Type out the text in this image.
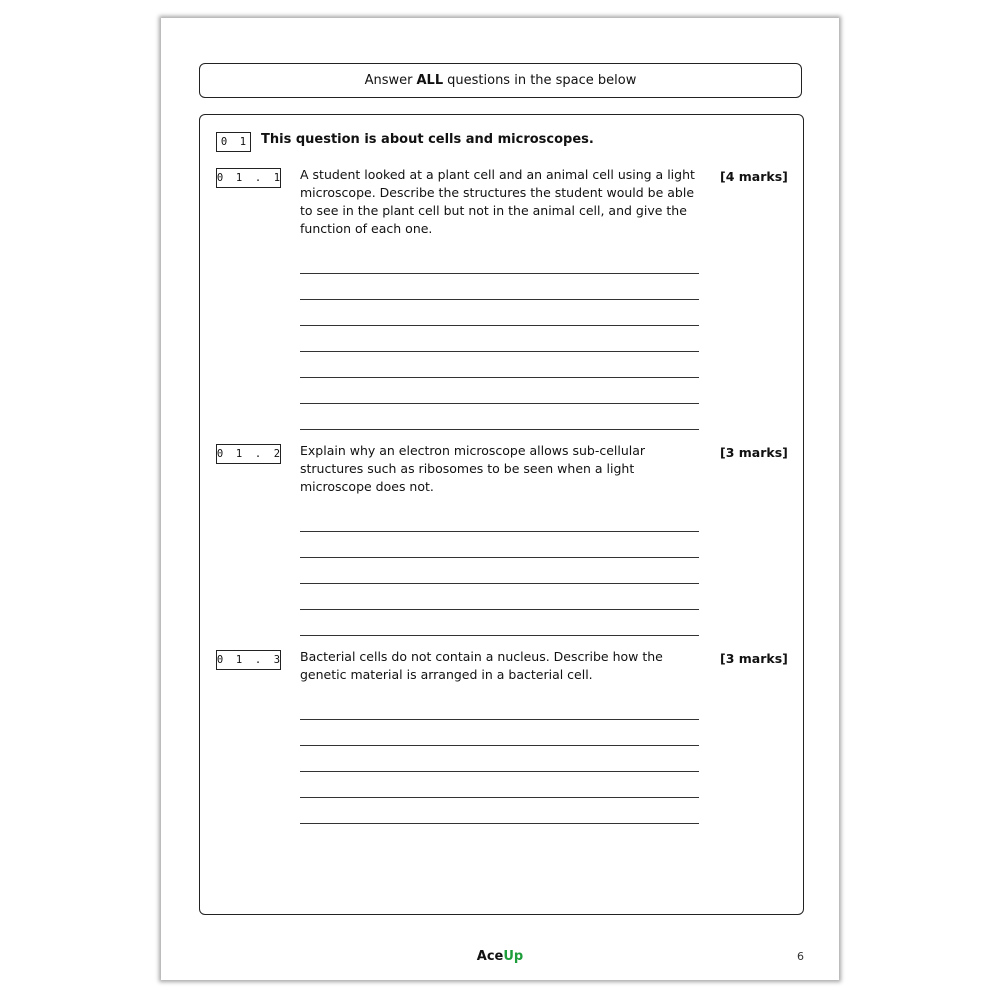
Answer ALL questions in the space below
0  1	This question is about cells and microscopes.
0  1  .  1 A student looked at a plant cell and an animal cell using a light microscope. Describe the structures the student would be able to see in the plant cell but not in the animal cell, and give the function of each one.
[4 marks]
0  1  .  2 Explain why an electron microscope allows sub-cellular structures such as ribosomes to be seen when a light microscope does not.
[3 marks]
0  1  .  3 Bacterial cells do not contain a nucleus. Describe how the genetic material is arranged in a bacterial cell.
[3 marks]
AceUp	6
